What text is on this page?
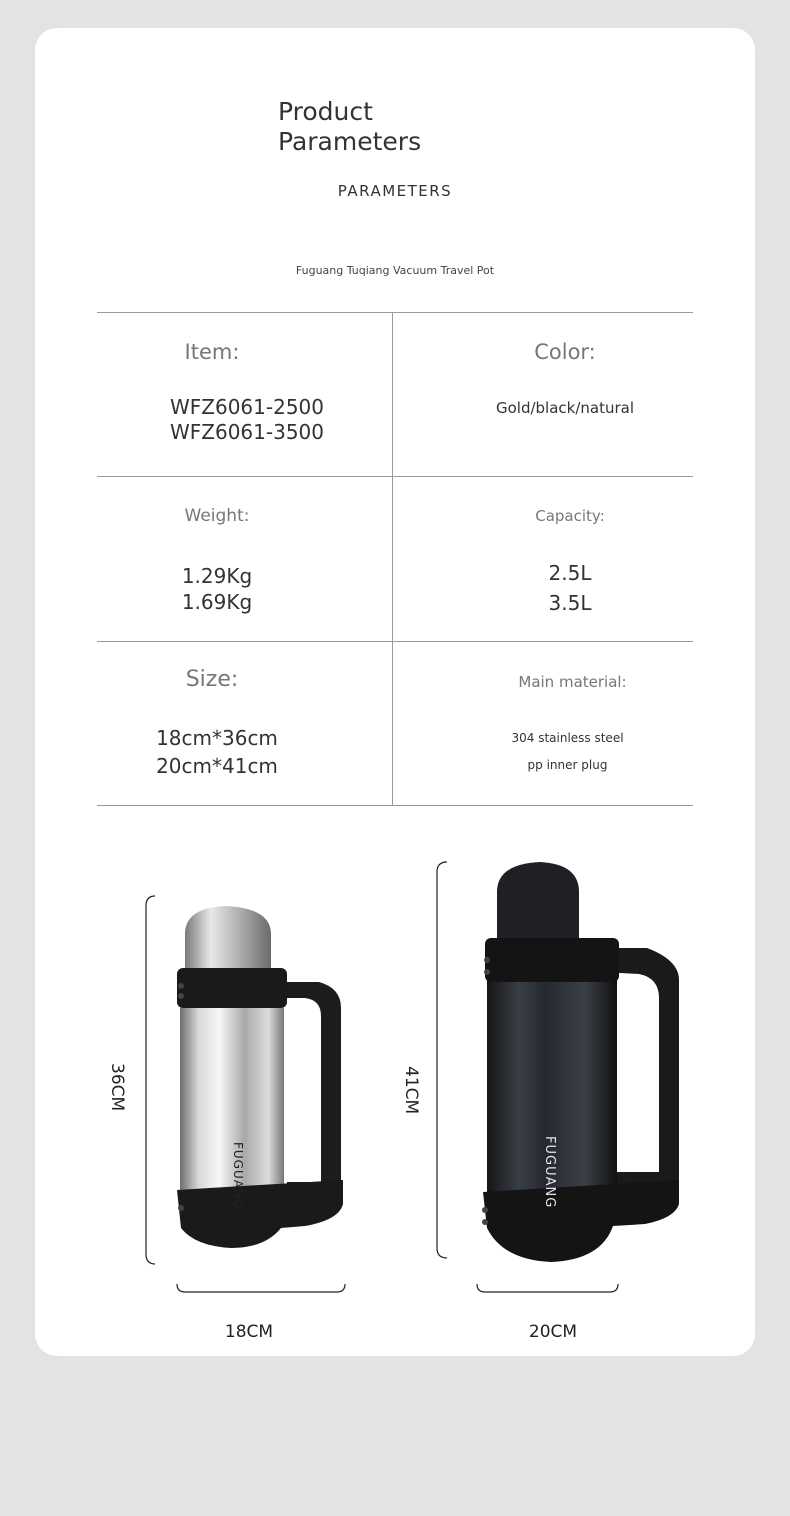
Product
Parameters
PARAMETERS
Fuguang Tuqiang Vacuum Travel Pot
Item:
WFZ6061-2500
WFZ6061-3500
Color:
Gold/black/natural
Weight:
1.29Kg
1.69Kg
Capacity:
2.5L
3.5L
Size:
18cm*36cm
20cm*41cm
Main material:
304 stainless steel
pp inner plug
FUGUANG
36CM
18CM
FUGUANG
41CM
20CM
